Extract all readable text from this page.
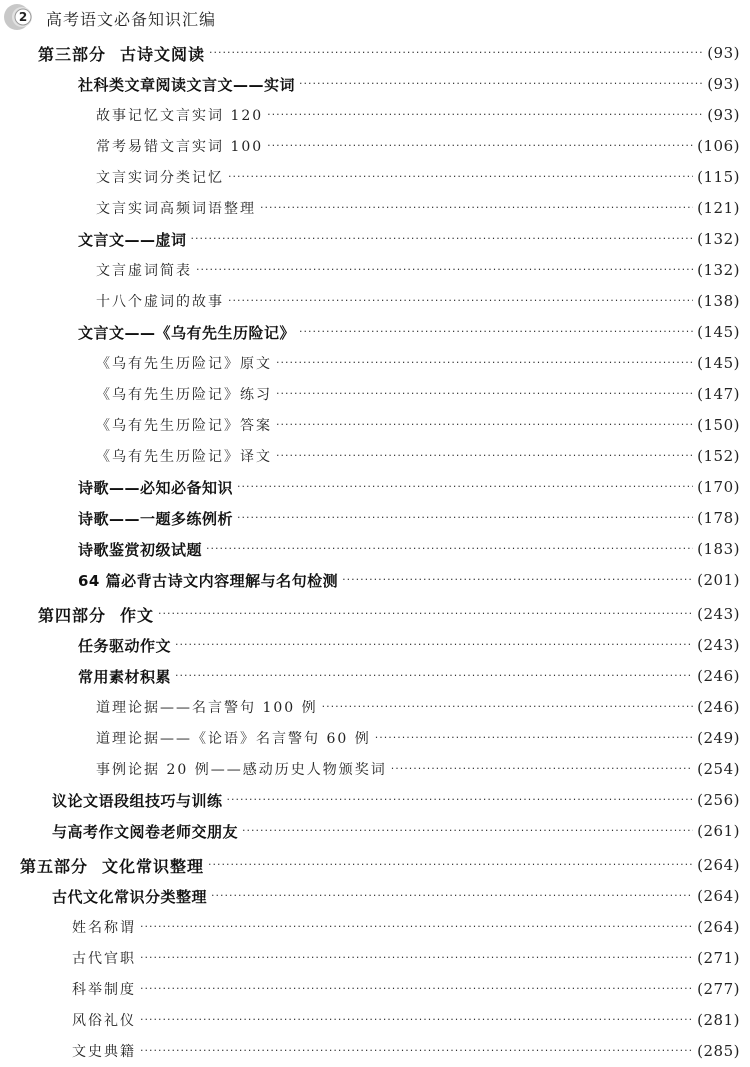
2 高考语文必备知识汇编
第三部分 古诗文阅读 ·····	(93)
社科类文章阅读文言文——实词 ·····	(93)
故事记忆文言实词 120 ·····	(93)
常考易错文言实词 100 ·····	(106)
文言实词分类记忆 ·····	(115)
文言实词高频词语整理 ·····	(121)
文言文——虚词 ·····	(132)
文言虚词简表 ·····	(132)
十八个虚词的故事 ·····	(138)
文言文——《乌有先生历险记》 ·····	(145)
《乌有先生历险记》原文 ·····	(145)
《乌有先生历险记》练习 ·····	(147)
《乌有先生历险记》答案 ·····	(150)
《乌有先生历险记》译文 ·····	(152)
诗歌——必知必备知识 ·····	(170)
诗歌——一题多练例析 ·····	(178)
诗歌鉴赏初级试题 ·····	(183)
64 篇必背古诗文内容理解与名句检测 ·····	(201)
第四部分 作文 ·····	(243)
任务驱动作文 ·····	(243)
常用素材积累 ·····	(246)
道理论据——名言警句 100 例 ·····	(246)
道理论据——《论语》名言警句 60 例 ·····	(249)
事例论据 20 例——感动历史人物颁奖词 ·····	(254)
议论文语段组技巧与训练 ·····	(256)
与高考作文阅卷老师交朋友 ·····	(261)
第五部分 文化常识整理 ·····	(264)
古代文化常识分类整理 ·····	(264)
姓名称谓 ·····	(264)
古代官职 ·····	(271)
科举制度 ·····	(277)
风俗礼仪 ·····	(281)
文史典籍 ·····	(285)
